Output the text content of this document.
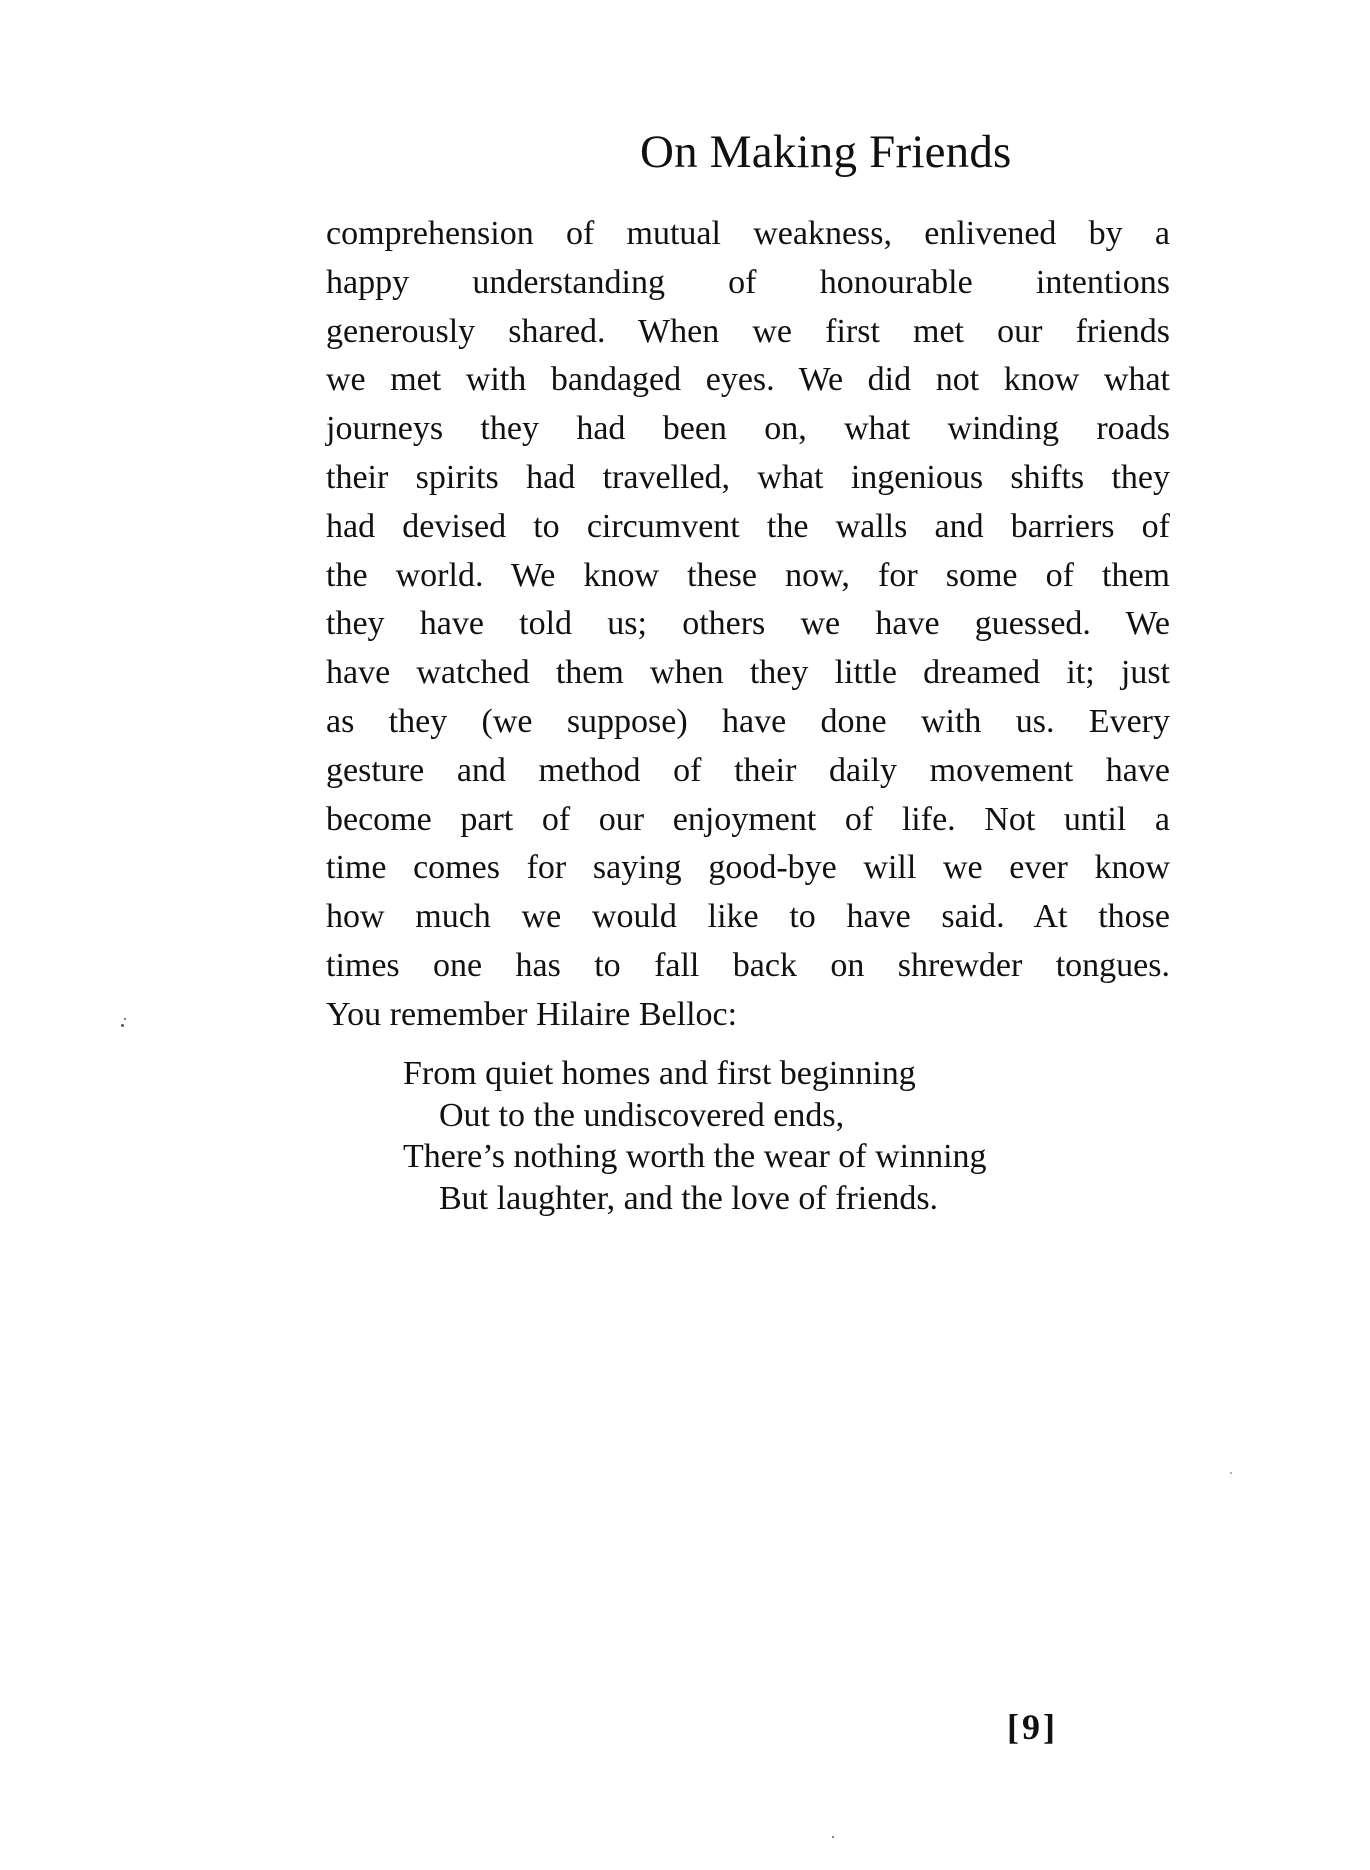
On Making Friends
comprehension of mutual weakness, enlivened by a
happy understanding of honourable intentions
generously shared. When we first met our friends
we met with bandaged eyes. We did not know what
journeys they had been on, what winding roads
their spirits had travelled, what ingenious shifts they
had devised to circumvent the walls and barriers of
the world. We know these now, for some of them
they have told us; others we have guessed. We
have watched them when they little dreamed it; just
as they (we suppose) have done with us. Every
gesture and method of their daily movement have
become part of our enjoyment of life. Not until a
time comes for saying good-bye will we ever know
how much we would like to have said. At those
times one has to fall back on shrewder tongues.
You remember Hilaire Belloc:
From quiet homes and first beginning
Out to the undiscovered ends,
There’s nothing worth the wear of winning
But laughter, and the love of friends.
[9]
